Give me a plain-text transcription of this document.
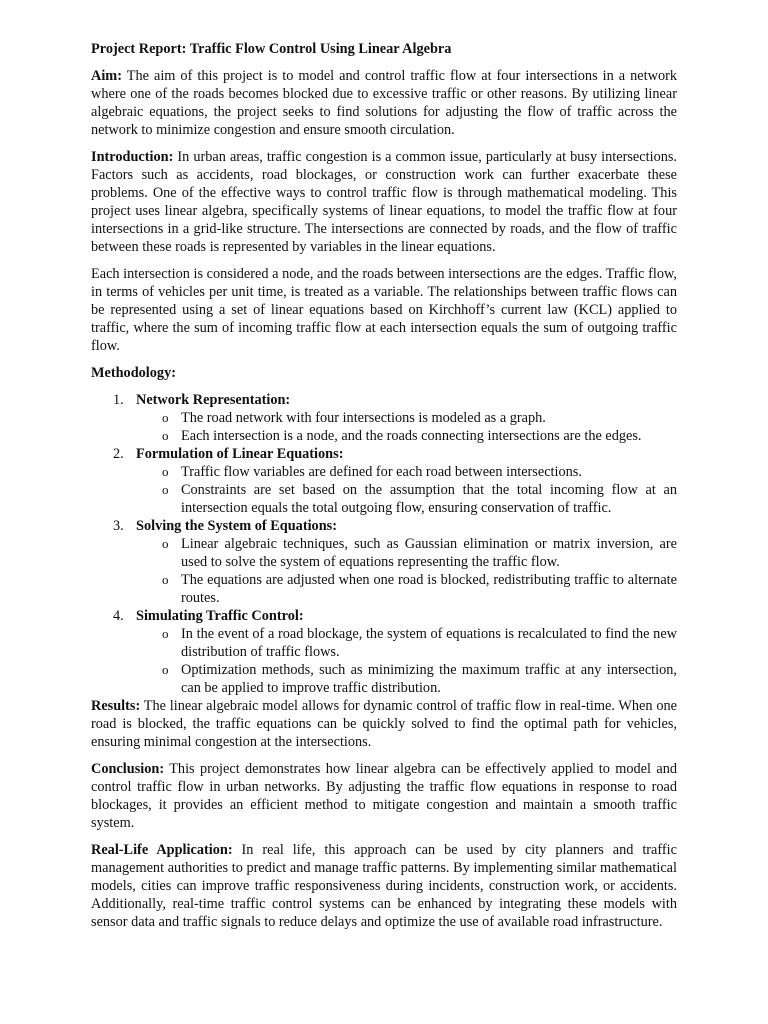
Project Report: Traffic Flow Control Using Linear Algebra

Aim: The aim of this project is to model and control traffic flow at four intersections in a network where one of the roads becomes blocked due to excessive traffic or other reasons. By utilizing linear algebraic equations, the project seeks to find solutions for adjusting the flow of traffic across the network to minimize congestion and ensure smooth circulation.

Introduction: In urban areas, traffic congestion is a common issue, particularly at busy intersections. Factors such as accidents, road blockages, or construction work can further exacerbate these problems. One of the effective ways to control traffic flow is through mathematical modeling. This project uses linear algebra, specifically systems of linear equations, to model the traffic flow at four intersections in a grid-like structure. The intersections are connected by roads, and the flow of traffic between these roads is represented by variables in the linear equations.

Each intersection is considered a node, and the roads between intersections are the edges. Traffic flow, in terms of vehicles per unit time, is treated as a variable. The relationships between traffic flows can be represented using a set of linear equations based on Kirchhoff’s current law (KCL) applied to traffic, where the sum of incoming traffic flow at each intersection equals the sum of outgoing traffic flow.

Methodology:

1. Network Representation:
o The road network with four intersections is modeled as a graph.
o Each intersection is a node, and the roads connecting intersections are the edges.
2. Formulation of Linear Equations:
o Traffic flow variables are defined for each road between intersections.
o Constraints are set based on the assumption that the total incoming flow at an intersection equals the total outgoing flow, ensuring conservation of traffic.
3. Solving the System of Equations:
o Linear algebraic techniques, such as Gaussian elimination or matrix inversion, are used to solve the system of equations representing the traffic flow.
o The equations are adjusted when one road is blocked, redistributing traffic to alternate routes.
4. Simulating Traffic Control:
o In the event of a road blockage, the system of equations is recalculated to find the new distribution of traffic flows.
o Optimization methods, such as minimizing the maximum traffic at any intersection, can be applied to improve traffic distribution.

Results: The linear algebraic model allows for dynamic control of traffic flow in real-time. When one road is blocked, the traffic equations can be quickly solved to find the optimal path for vehicles, ensuring minimal congestion at the intersections.

Conclusion: This project demonstrates how linear algebra can be effectively applied to model and control traffic flow in urban networks. By adjusting the traffic flow equations in response to road blockages, it provides an efficient method to mitigate congestion and maintain a smooth traffic system.

Real-Life Application: In real life, this approach can be used by city planners and traffic management authorities to predict and manage traffic patterns. By implementing similar mathematical models, cities can improve traffic responsiveness during incidents, construction work, or accidents. Additionally, real-time traffic control systems can be enhanced by integrating these models with sensor data and traffic signals to reduce delays and optimize the use of available road infrastructure.
